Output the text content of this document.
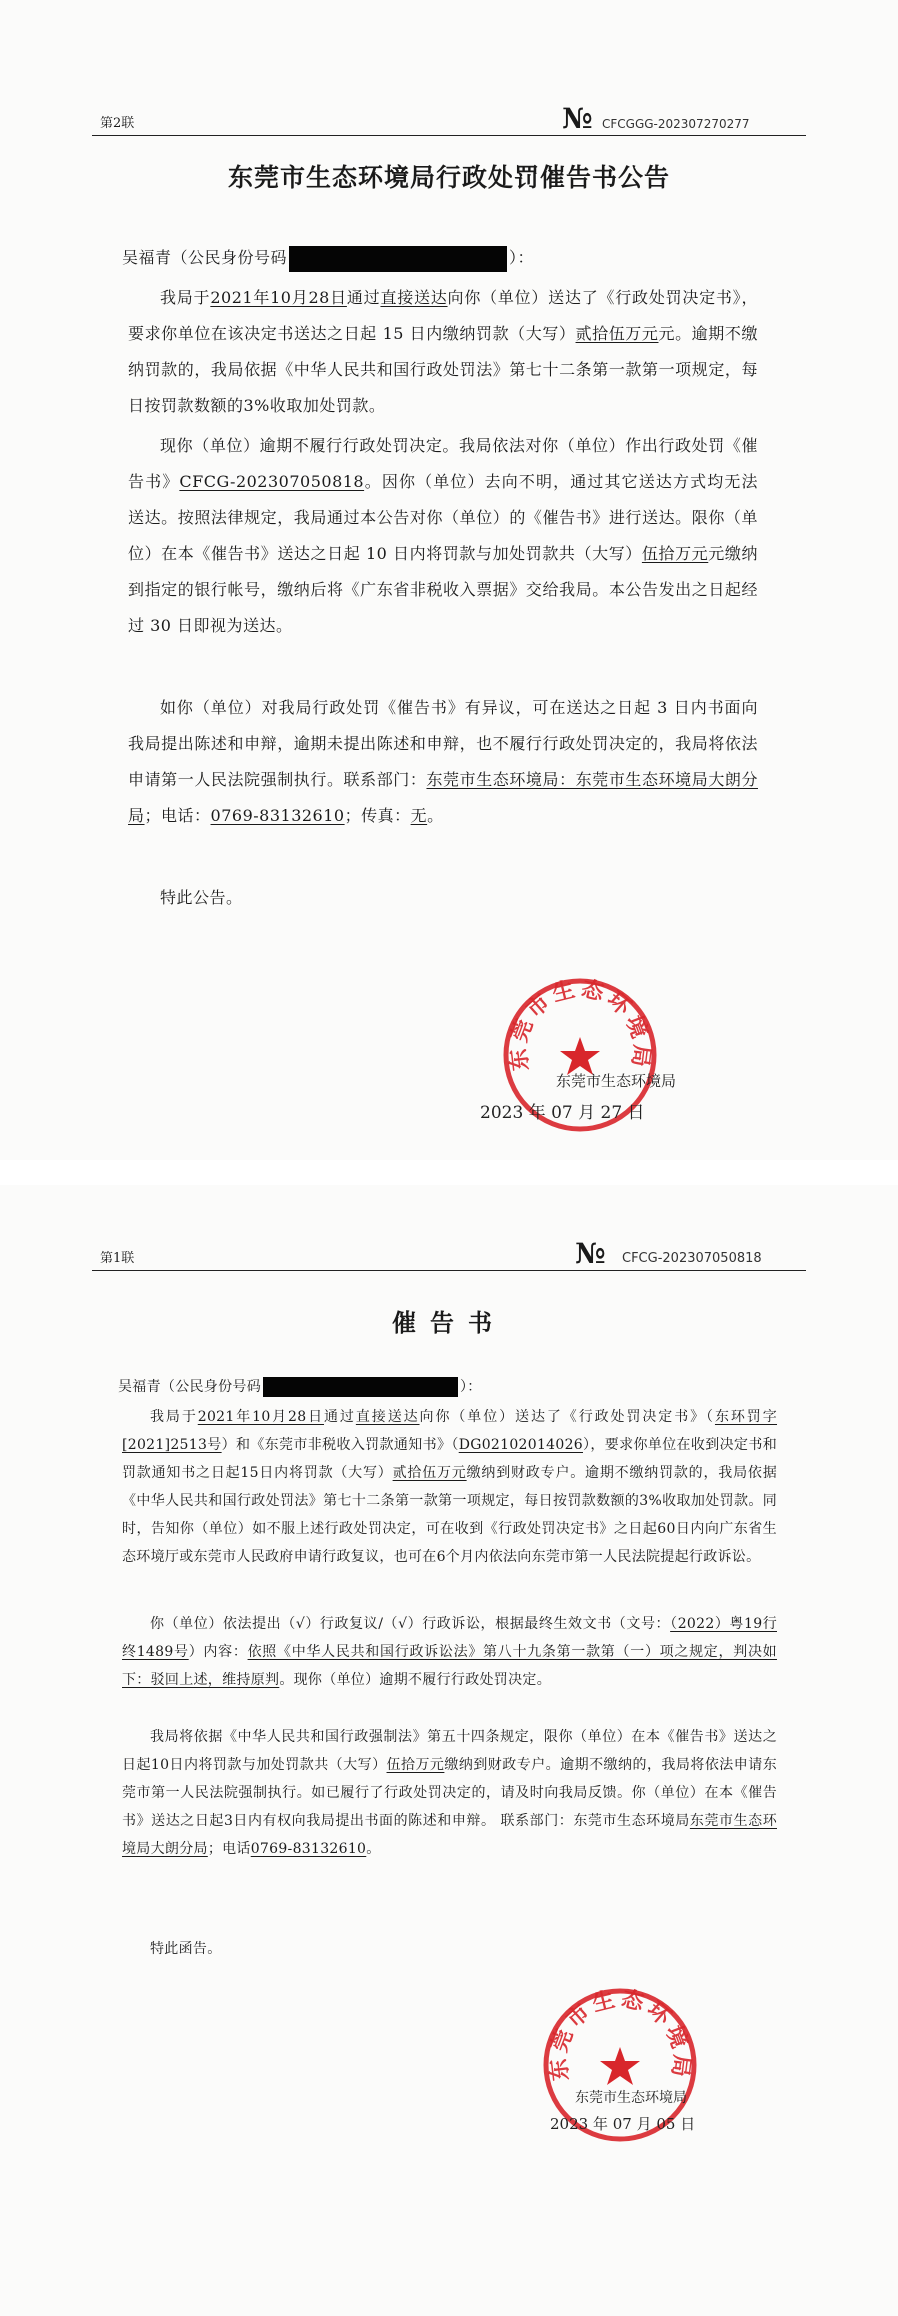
第2联	№ CFCGGG-202307270277
东莞市生态环境局行政处罚催告书公告
吴福青（公民身份号码	）：
我局于2021年10月28日通过直接送达向你（单位）送达了《行政处罚决定书》，要求你单位在该决定书送达之日起 15 日内缴纳罚款（大写）贰拾伍万元元。逾期不缴纳罚款的，我局依据《中华人民共和国行政处罚法》第七十二条第一款第一项规定，每日按罚款数额的3%收取加处罚款。
现你（单位）逾期不履行行政处罚决定。我局依法对你（单位）作出行政处罚《催告书》CFCG-202307050818。因你（单位）去向不明，通过其它送达方式均无法送达。按照法律规定，我局通过本公告对你（单位）的《催告书》进行送达。限你（单位）在本《催告书》送达之日起 10 日内将罚款与加处罚款共（大写）伍拾万元元缴纳到指定的银行帐号，缴纳后将《广东省非税收入票据》交给我局。本公告发出之日起经过 30 日即视为送达。
如你（单位）对我局行政处罚《催告书》有异议，可在送达之日起 3 日内书面向我局提出陈述和申辩，逾期未提出陈述和申辩，也不履行行政处罚决定的，我局将依法申请第一人民法院强制执行。联系部门：东莞市生态环境局：东莞市生态环境局大朗分局；电话：0769-83132610；传真：无。
特此公告。
东莞市生态环境局
东莞市生态环境局
2023 年 07 月 27 日
第1联	№ CFCG-202307050818
催告书
吴福青（公民身份号码	）：
我局于2021年10月28日通过直接送达向你（单位）送达了《行政处罚决定书》（东环罚字[2021]2513号）和《东莞市非税收入罚款通知书》（DG02102014026），要求你单位在收到决定书和罚款通知书之日起15日内将罚款（大写）贰拾伍万元缴纳到财政专户。逾期不缴纳罚款的，我局依据《中华人民共和国行政处罚法》第七十二条第一款第一项规定，每日按罚款数额的3%收取加处罚款。同时，告知你（单位）如不服上述行政处罚决定，可在收到《行政处罚决定书》之日起60日内向广东省生态环境厅或东莞市人民政府申请行政复议，也可在6个月内依法向东莞市第一人民法院提起行政诉讼。
你（单位）依法提出（√）行政复议/（√）行政诉讼，根据最终生效文书（文号：（2022）粤19行终1489号）内容：依照《中华人民共和国行政诉讼法》第八十九条第一款第（一）项之规定，判决如下：驳回上述，维持原判。现你（单位）逾期不履行行政处罚决定。
我局将依据《中华人民共和国行政强制法》第五十四条规定，限你（单位）在本《催告书》送达之日起10日内将罚款与加处罚款共（大写）伍拾万元缴纳到财政专户。逾期不缴纳的，我局将依法申请东莞市第一人民法院强制执行。如已履行了行政处罚决定的，请及时向我局反馈。你（单位）在本《催告书》送达之日起3日内有权向我局提出书面的陈述和申辩。 联系部门：东莞市生态环境局东莞市生态环境局大朗分局；电话0769-83132610。
特此函告。
东莞市生态环境局
东莞市生态环境局
2023 年 07 月 05 日
